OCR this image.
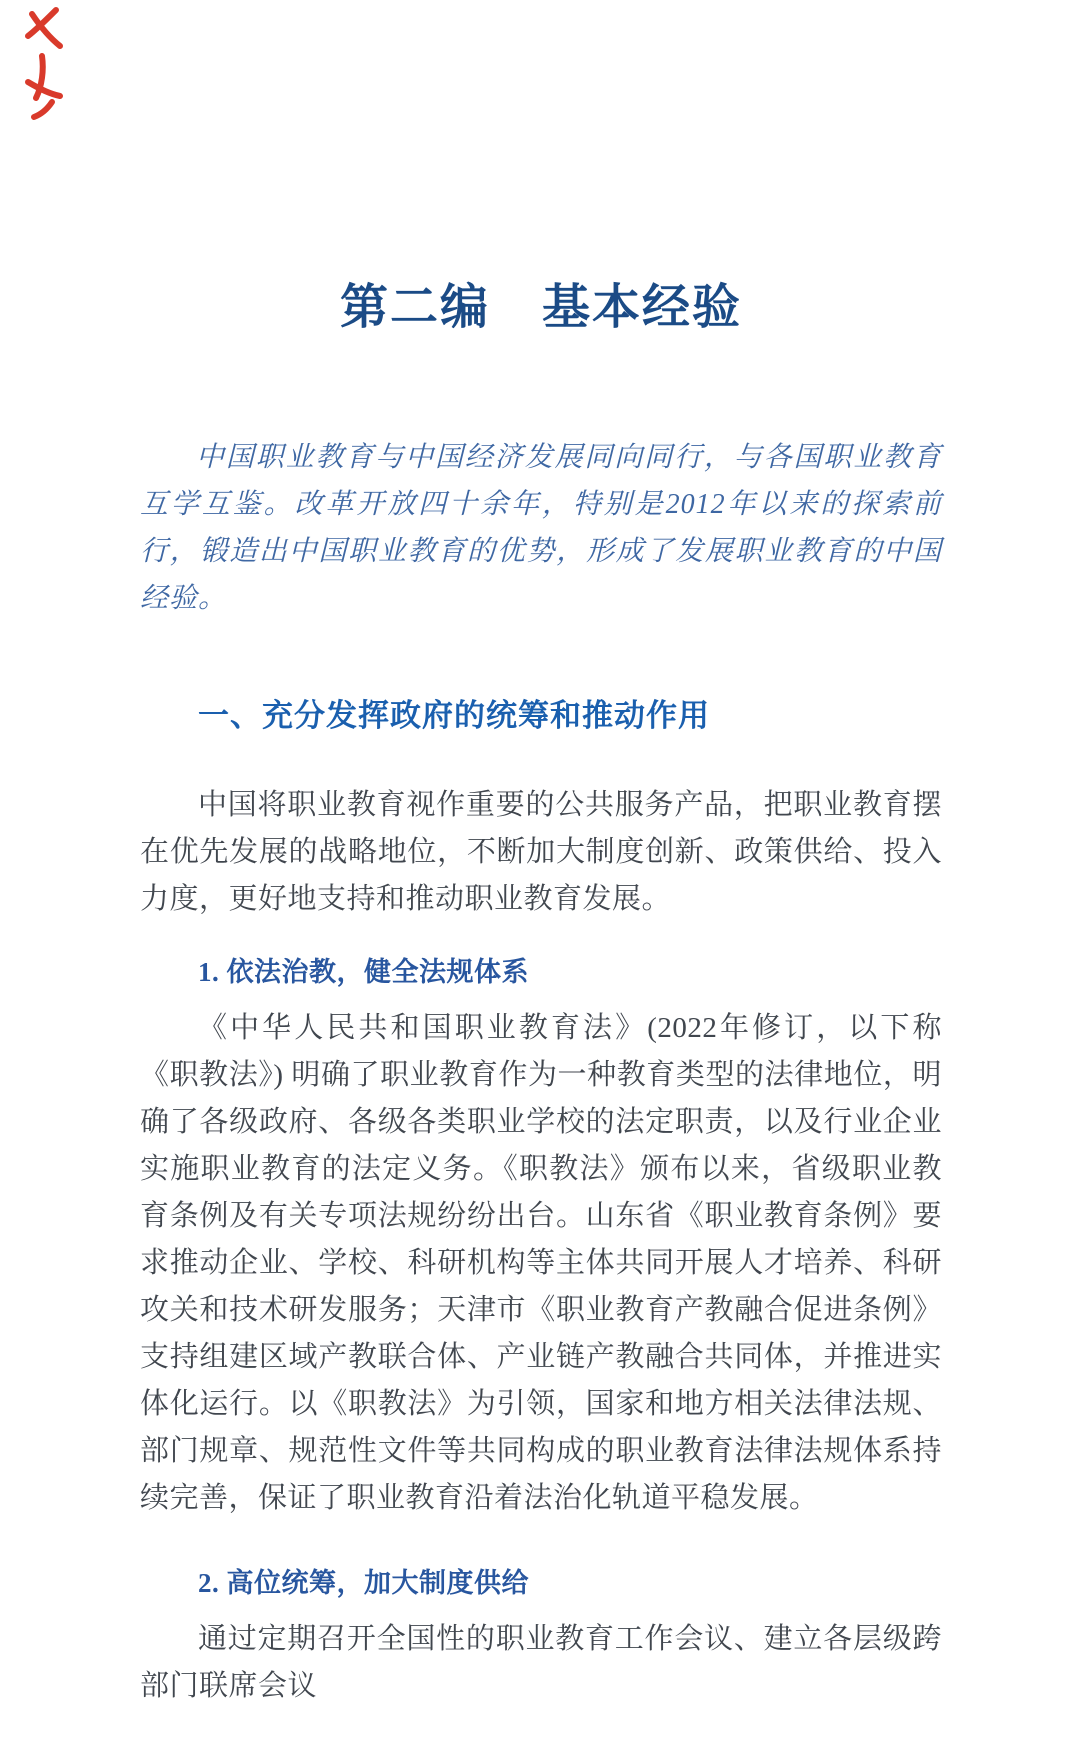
第二编 基本经验

中国职业教育与中国经济发展同向同行，与各国职业教育互学互鉴。改革开放四十余年，特别是2012年以来的探索前行，锻造出中国职业教育的优势，形成了发展职业教育的中国经验。

一、充分发挥政府的统筹和推动作用

中国将职业教育视作重要的公共服务产品，把职业教育摆在优先发展的战略地位，不断加大制度创新、政策供给、投入力度，更好地支持和推动职业教育发展。

1. 依法治教，健全法规体系

《中华人民共和国职业教育法》(2022年修订，以下称《职教法》) 明确了职业教育作为一种教育类型的法律地位，明确了各级政府、各级各类职业学校的法定职责，以及行业企业实施职业教育的法定义务。《职教法》颁布以来，省级职业教育条例及有关专项法规纷纷出台。山东省《职业教育条例》要求推动企业、学校、科研机构等主体共同开展人才培养、科研攻关和技术研发服务；天津市《职业教育产教融合促进条例》支持组建区域产教联合体、产业链产教融合共同体，并推进实体化运行。以《职教法》为引领，国家和地方相关法律法规、部门规章、规范性文件等共同构成的职业教育法律法规体系持续完善，保证了职业教育沿着法治化轨道平稳发展。

2. 高位统筹，加大制度供给

通过定期召开全国性的职业教育工作会议、建立各层级跨部门联席会议
